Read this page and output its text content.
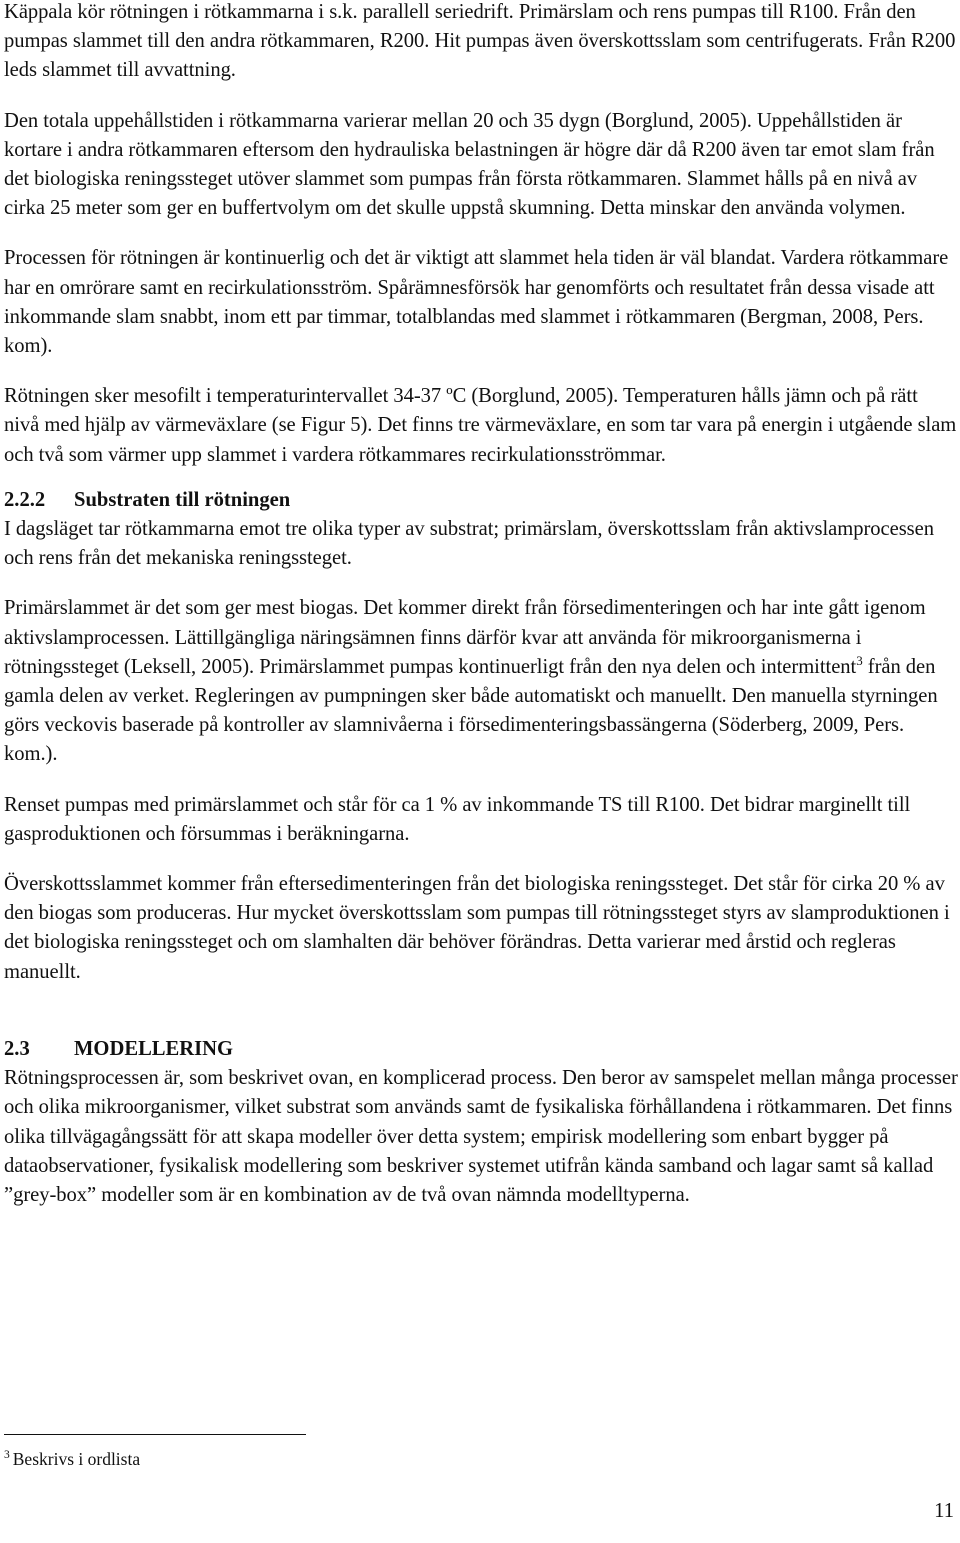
Käppala kör rötningen i rötkammarna i s.k. parallell seriedrift. Primärslam och rens pumpas till R100. Från den pumpas slammet till den andra rötkammaren, R200. Hit pumpas även överskottsslam som centrifugerats. Från R200 leds slammet till avvattning.

Den totala uppehållstiden i rötkammarna varierar mellan 20 och 35 dygn (Borglund, 2005). Uppehållstiden är kortare i andra rötkammaren eftersom den hydrauliska belastningen är högre där då R200 även tar emot slam från det biologiska reningssteget utöver slammet som pumpas från första rötkammaren. Slammet hålls på en nivå av cirka 25 meter som ger en buffertvolym om det skulle uppstå skumning. Detta minskar den använda volymen.

Processen för rötningen är kontinuerlig och det är viktigt att slammet hela tiden är väl blandat. Vardera rötkammare har en omrörare samt en recirkulationsström. Spårämnesförsök har genomförts och resultatet från dessa visade att inkommande slam snabbt, inom ett par timmar, totalblandas med slammet i rötkammaren (Bergman, 2008, Pers. kom).

Rötningen sker mesofilt i temperaturintervallet 34-37 ºC (Borglund, 2005). Temperaturen hålls jämn och på rätt nivå med hjälp av värmeväxlare (se Figur 5). Det finns tre värmeväxlare, en som tar vara på energin i utgående slam och två som värmer upp slammet i vardera rötkammares recirkulationsströmmar.

2.2.2 Substraten till rötningen

I dagsläget tar rötkammarna emot tre olika typer av substrat; primärslam, överskottsslam från aktivslamprocessen och rens från det mekaniska reningssteget.

Primärslammet är det som ger mest biogas. Det kommer direkt från försedimenteringen och har inte gått igenom aktivslamprocessen. Lättillgängliga näringsämnen finns därför kvar att använda för mikroorganismerna i rötningssteget (Leksell, 2005). Primärslammet pumpas kontinuerligt från den nya delen och intermittent$^3$ från den gamla delen av verket. Regleringen av pumpningen sker både automatiskt och manuellt. Den manuella styrningen görs veckovis baserade på kontroller av slamnivåerna i försedimenteringsbassängerna (Söderberg, 2009, Pers. kom.).

Renset pumpas med primärslammet och står för ca 1 % av inkommande TS till R100. Det bidrar marginellt till gasproduktionen och försummas i beräkningarna.

Överskottsslammet kommer från eftersedimenteringen från det biologiska reningssteget. Det står för cirka 20 % av den biogas som produceras. Hur mycket överskottsslam som pumpas till rötningssteget styrs av slamproduktionen i det biologiska reningssteget och om slamhalten där behöver förändras. Detta varierar med årstid och regleras manuellt.

2.3 MODELLERING

Rötningsprocessen är, som beskrivet ovan, en komplicerad process. Den beror av samspelet mellan många processer och olika mikroorganismer, vilket substrat som används samt de fysikaliska förhållandena i rötkammaren. Det finns olika tillvägagångssätt för att skapa modeller över detta system; empirisk modellering som enbart bygger på dataobservationer, fysikalisk modellering som beskriver systemet utifrån kända samband och lagar samt så kallad ”grey-box” modeller som är en kombination av de två ovan nämnda modelltyperna.

$^3$ Beskrivs i ordlista

11
